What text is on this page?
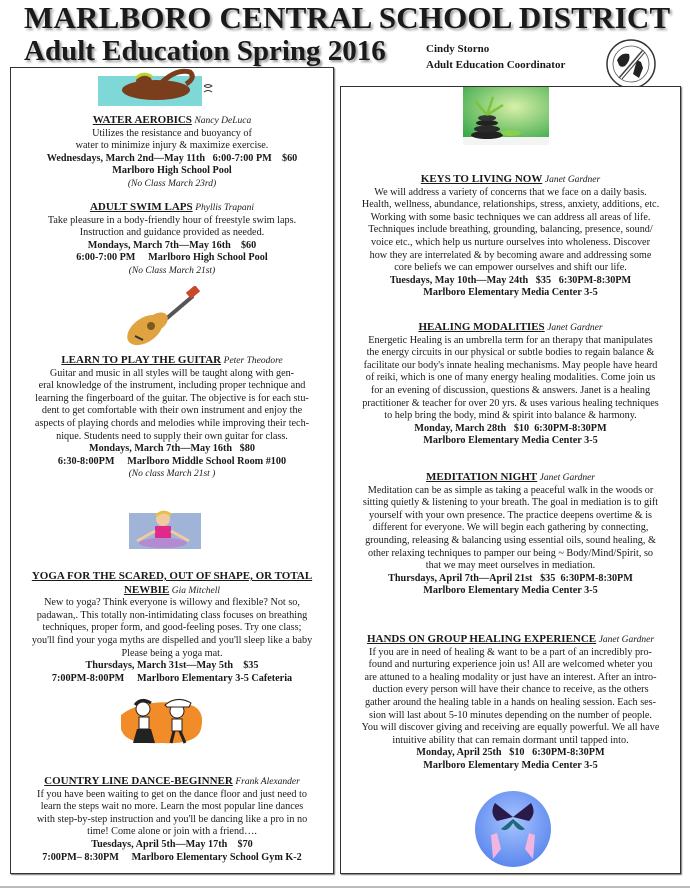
MARLBORO CENTRAL SCHOOL DISTRICT
Adult Education Spring 2016	Cindy Storno
Adult Education Coordinator

WATER AEROBICS Nancy DeLuca

Utilizes the resistance and buoyancy of

water to minimize injury & maximize exercise.

Wednesdays, March 2nd—May 11th   6:00-7:00 PM    $60

Marlboro High School Pool

(No Class March 23rd)

ADULT SWIM LAPS Phyllis Trapani

Take pleasure in a body-friendly hour of freestyle swim laps.

Instruction and guidance provided as needed.

Mondays, March 7th—May 16th    $60

6:00-7:00 PM     Marlboro High School Pool

(No Class March 21st)

LEARN TO PLAY THE GUITAR Peter Theodore

Guitar and music in all styles will be taught along with gen-

eral knowledge of the instrument, including proper technique and

learning the fingerboard of the guitar. The objective is for each stu-

dent to get comfortable with their own instrument and enjoy the

aspects of playing chords and melodies while improving their tech-

nique. Students need to supply their own guitar for class.

Mondays, March 7th—May 16th   $80

6:30-8:00PM     Marlboro Middle School Room #100

(No class March 21st )

YOGA FOR THE SCARED, OUT OF SHAPE, OR TOTAL

NEWBIE Gia Mitchell

New to yoga? Think everyone is willowy and flexible? Not so,

padawan,. This totally non-intimidating class focuses on breathing

techniques, proper form, and good-feeling poses. Try one class;

you'll find your yoga myths are dispelled and you'll sleep like a baby

Please being a yoga mat.

Thursdays, March 31st—May 5th    $35

7:00PM-8:00PM     Marlboro Elementary 3-5 Cafeteria

COUNTRY LINE DANCE-BEGINNER Frank Alexander

If you have been waiting to get on the dance floor and just need to

learn the steps wait no more. Learn the most popular line dances

with step-by-step instruction and you'll be dancing like a pro in no

time! Come alone or join with a friend….

Tuesdays, April 5th—May 17th    $70

7:00PM– 8:30PM     Marlboro Elementary School Gym K-2

KEYS TO LIVING NOW Janet Gardner

We will address a variety of concerns that we face on a daily basis.

Health, wellness, abundance, relationships, stress, anxiety, additions, etc.

Working with some basic techniques we can address all areas of life.

Techniques include breathing, grounding, balancing, presence, sound/

voice etc., which help us nurture ourselves into wholeness. Discover

how they are interrelated & by becoming aware and addressing some

core beliefs we can empower ourselves and shift our life.

Tuesdays, May 10th—May 24th   $35   6:30PM-8:30PM

Marlboro Elementary Media Center 3-5

HEALING MODALITIES Janet Gardner

Energetic Healing is an umbrella term for an therapy that manipulates

the energy circuits in our physical or subtle bodies to regain balance &

facilitate our body's innate healing mechanisms. May people have heard

of reiki, which is one of many energy healing modalities. Come join us

for an evening of discussion, questions & answers. Janet is a healing

practitioner & teacher for over 20 yrs. & uses various healing techniques

to help bring the body, mind & spirit into balance & harmony.

Monday, March 28th   $10  6:30PM-8:30PM

Marlboro Elementary Media Center 3-5

MEDITATION NIGHT Janet Gardner

Meditation can be as simple as taking a peaceful walk in the woods or

sitting quietly & listening to your breath. The goal in mediation is to gift

yourself with your own presence. The practice deepens overtime & is

different for everyone. We will begin each gathering by connecting,

grounding, releasing & balancing using essential oils, sound healing, &

other relaxing techniques to pamper our being ~ Body/Mind/Spirit, so

that we may meet ourselves in mediation.

Thursdays, April 7th—April 21st   $35  6:30PM-8:30PM

Marlboro Elementary Media Center 3-5

HANDS ON GROUP HEALING EXPERIENCE Janet Gardner

If you are in need of healing & want to be a part of an incredibly pro-

found and nurturing experience join us! All are welcomed wheter you

are attuned to a healing modality or just have an interest. After an intro-

duction every person will have their chance to receive, as the others

gather around the healing table in a hands on healing session. Each ses-

sion will last about 5-10 minutes depending on the number of people.

You will discover giving and receiving are equally powerful. We all have

intuitive ability that can remain dormant until tapped into.

Monday, April 25th   $10   6:30PM-8:30PM

Marlboro Elementary Media Center 3-5
